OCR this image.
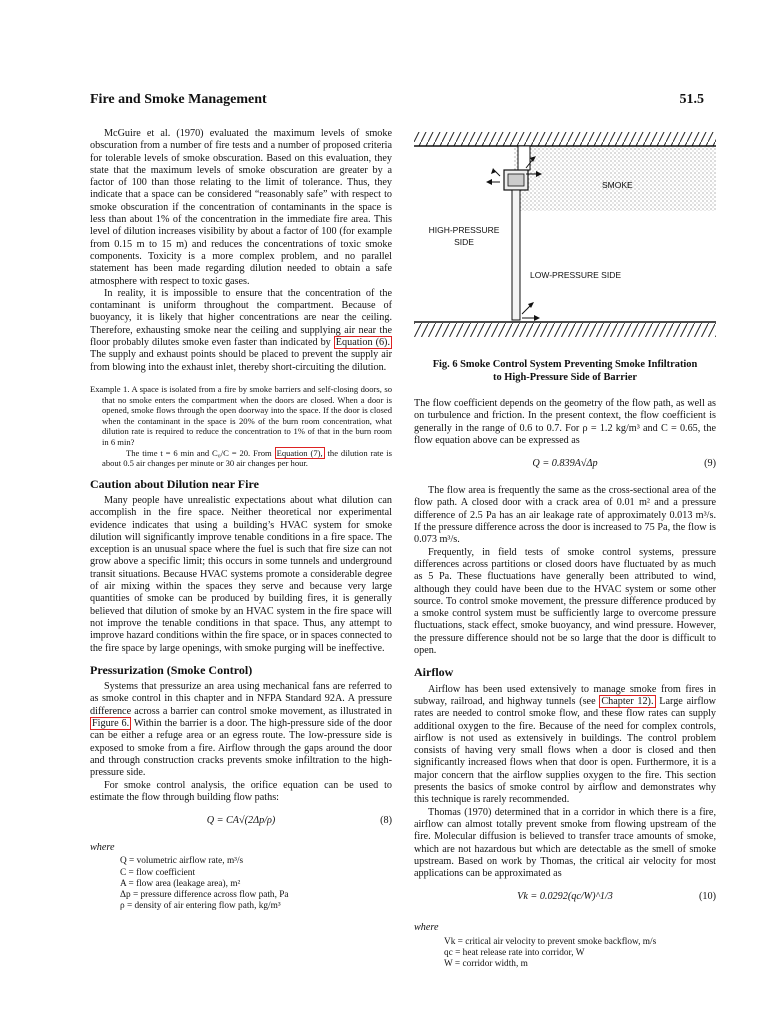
Fire and Smoke Management	51.5

McGuire et al. (1970) evaluated the maximum levels of smoke obscuration from a number of fire tests and a number of proposed criteria for tolerable levels of smoke obscuration. Based on this evaluation, they state that the maximum levels of smoke obscuration are greater by a factor of 100 than those relating to the limit of tolerance. Thus, they indicate that a space can be considered “reasonably safe” with respect to smoke obscuration if the concentration of contaminants in the space is less than about 1% of the concentration in the immediate fire area. This level of dilution increases visibility by about a factor of 100 (for example from 0.15 m to 15 m) and reduces the concentrations of toxic smoke components. Toxicity is a more complex problem, and no parallel statement has been made regarding dilution needed to obtain a safe atmosphere with respect to toxic gases.

In reality, it is impossible to ensure that the concentration of the contaminant is uniform throughout the compartment. Because of buoyancy, it is likely that higher concentrations are near the ceiling. Therefore, exhausting smoke near the ceiling and supplying air near the floor probably dilutes smoke even faster than indicated by Equation (6). The supply and exhaust points should be placed to prevent the supply air from blowing into the exhaust inlet, thereby short-circuiting the dilution.

Example 1. A space is isolated from a fire by smoke barriers and self-closing doors, so that no smoke enters the compartment when the doors are closed. When a door is opened, smoke flows through the open doorway into the space. If the door is closed when the contaminant in the space is 20% of the burn room concentration, what dilution rate is required to reduce the concentration to 1% of that in the burn room in 6 min?

The time t = 6 min and C₀/C = 20. From Equation (7), the dilution rate is about 0.5 air changes per minute or 30 air changes per hour.

Caution about Dilution near Fire

Many people have unrealistic expectations about what dilution can accomplish in the fire space. Neither theoretical nor experimental evidence indicates that using a building’s HVAC system for smoke dilution will significantly improve tenable conditions in a fire space. The exception is an unusual space where the fuel is such that fire size can not grow above a specific limit; this occurs in some tunnels and underground transit situations. Because HVAC systems promote a considerable degree of air mixing within the spaces they serve and because very large quantities of smoke can be produced by building fires, it is generally believed that dilution of smoke by an HVAC system in the fire space will not improve the tenable conditions in that space. Thus, any attempt to improve hazard conditions within the fire space, or in spaces connected to the fire space by large openings, with smoke purging will be ineffective.

Pressurization (Smoke Control)

Systems that pressurize an area using mechanical fans are referred to as smoke control in this chapter and in NFPA Standard 92A. A pressure difference across a barrier can control smoke movement, as illustrated in Figure 6. Within the barrier is a door. The high-pressure side of the door can be either a refuge area or an egress route. The low-pressure side is exposed to smoke from a fire. Airflow through the gaps around the door and through construction cracks prevents smoke infiltration to the high-pressure side.

For smoke control analysis, the orifice equation can be used to estimate the flow through building flow paths:

Q = CA√(2Δp/ρ)	(8)

where

Q = volumetric airflow rate, m³/s
C = flow coefficient
A = flow area (leakage area), m²
Δp = pressure difference across flow path, Pa
ρ = density of air entering flow path, kg/m³
SMOKE
HIGH-PRESSURE
SIDE
LOW-PRESSURE SIDE
Fig. 6 Smoke Control System Preventing Smoke Infiltration
to High-Pressure Side of Barrier

The flow coefficient depends on the geometry of the flow path, as well as on turbulence and friction. In the present context, the flow coefficient is generally in the range of 0.6 to 0.7. For ρ = 1.2 kg/m³ and C = 0.65, the flow equation above can be expressed as

Q = 0.839A√Δp	(9)

The flow area is frequently the same as the cross-sectional area of the flow path. A closed door with a crack area of 0.01 m² and a pressure difference of 2.5 Pa has an air leakage rate of approximately 0.013 m³/s. If the pressure difference across the door is increased to 75 Pa, the flow is 0.073 m³/s.

Frequently, in field tests of smoke control systems, pressure differences across partitions or closed doors have fluctuated by as much as 5 Pa. These fluctuations have generally been attributed to wind, although they could have been due to the HVAC system or some other source. To control smoke movement, the pressure difference produced by a smoke control system must be sufficiently large to overcome pressure fluctuations, stack effect, smoke buoyancy, and wind pressure. However, the pressure difference should not be so large that the door is difficult to open.

Airflow

Airflow has been used extensively to manage smoke from fires in subway, railroad, and highway tunnels (see Chapter 12). Large airflow rates are needed to control smoke flow, and these flow rates can supply additional oxygen to the fire. Because of the need for complex controls, airflow is not used as extensively in buildings. The control problem consists of having very small flows when a door is closed and then significantly increased flows when that door is open. Furthermore, it is a major concern that the airflow supplies oxygen to the fire. This section presents the basics of smoke control by airflow and demonstrates why this technique is rarely recommended.

Thomas (1970) determined that in a corridor in which there is a fire, airflow can almost totally prevent smoke from flowing upstream of the fire. Molecular diffusion is believed to transfer trace amounts of smoke, which are not hazardous but which are detectable as the smell of smoke upstream. Based on work by Thomas, the critical air velocity for most applications can be approximated as

Vk = 0.0292(qc/W)^1/3	(10)

where

Vk = critical air velocity to prevent smoke backflow, m/s
qc = heat release rate into corridor, W
W = corridor width, m
